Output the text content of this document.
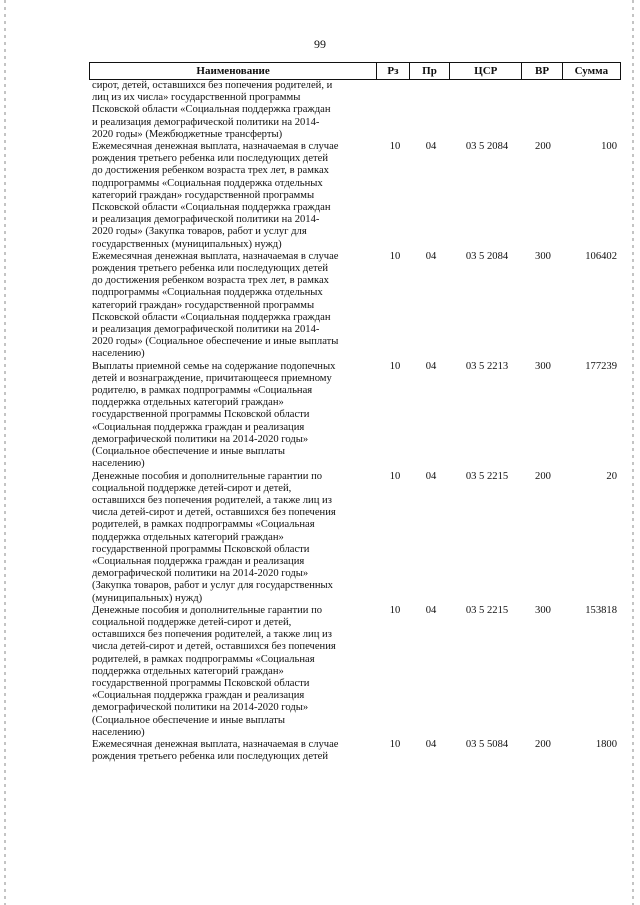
99
Наименование	Рз	Пр	ЦСР	ВР	Сумма
сирот, детей, оставшихся без попечения родителей, и
лиц из их числа» государственной программы
Псковской области «Социальная поддержка граждан
и реализация демографической политики на 2014-
2020 годы» (Межбюджетные трансферты)
Ежемесячная денежная выплата, назначаемая в случае
рождения третьего ребенка или последующих детей
до достижения ребенком возраста трех лет, в рамках
подпрограммы «Социальная поддержка отдельных
категорий граждан» государственной программы
Псковской области «Социальная поддержка граждан
и реализация демографической политики на 2014-
2020 годы» (Закупка товаров, работ и услуг для
государственных (муниципальных) нужд)
10	04	03 5 2084	200	100
Ежемесячная денежная выплата, назначаемая в случае
рождения третьего ребенка или последующих детей
до достижения ребенком возраста трех лет, в рамках
подпрограммы «Социальная поддержка отдельных
категорий граждан» государственной программы
Псковской области «Социальная поддержка граждан
и реализация демографической политики на 2014-
2020 годы» (Социальное обеспечение и иные выплаты
населению)
10	04	03 5 2084	300	106402
Выплаты приемной семье на содержание подопечных
детей и вознаграждение, причитающееся приемному
родителю, в рамках подпрограммы «Социальная
поддержка отдельных категорий граждан»
государственной программы Псковской области
«Социальная поддержка граждан и реализация
демографической политики на 2014-2020 годы»
(Социальное обеспечение и иные выплаты
населению)
10	04	03 5 2213	300	177239
Денежные пособия и дополнительные гарантии по
социальной поддержке детей-сирот и детей,
оставшихся без попечения родителей, а также лиц из
числа детей-сирот и детей, оставшихся без попечения
родителей, в рамках подпрограммы «Социальная
поддержка отдельных категорий граждан»
государственной программы Псковской области
«Социальная поддержка граждан и реализация
демографической политики на 2014-2020 годы»
(Закупка товаров, работ и услуг для государственных
(муниципальных) нужд)
10	04	03 5 2215	200	20
Денежные пособия и дополнительные гарантии по
социальной поддержке детей-сирот и детей,
оставшихся без попечения родителей, а также лиц из
числа детей-сирот и детей, оставшихся без попечения
родителей, в рамках подпрограммы «Социальная
поддержка отдельных категорий граждан»
государственной программы Псковской области
«Социальная поддержка граждан и реализация
демографической политики на 2014-2020 годы»
(Социальное обеспечение и иные выплаты
населению)
10	04	03 5 2215	300	153818
Ежемесячная денежная выплата, назначаемая в случае
рождения третьего ребенка или последующих детей
10	04	03 5 5084	200	1800
